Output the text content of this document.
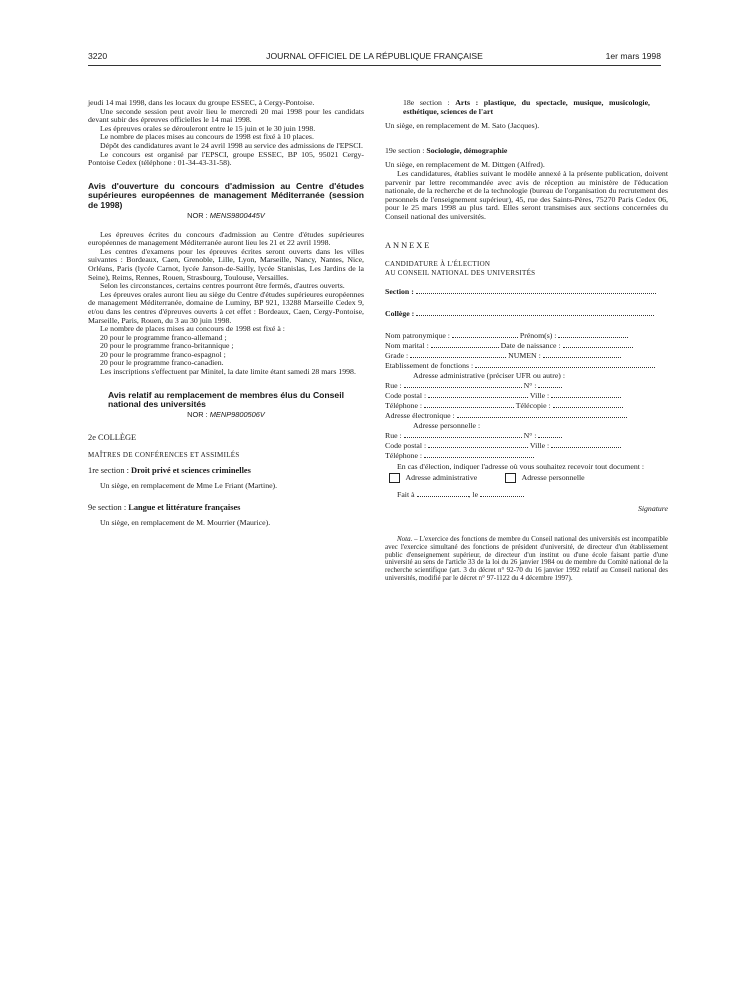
3220	JOURNAL OFFICIEL DE LA RÉPUBLIQUE FRANÇAISE	1er mars 1998

jeudi 14 mai 1998, dans les locaux du groupe ESSEC, à Cergy-Pontoise.

Une seconde session peut avoir lieu le mercredi 20 mai 1998 pour les candidats devant subir des épreuves officielles le 14 mai 1998.

Les épreuves orales se dérouleront entre le 15 juin et le 30 juin 1998.

Le nombre de places mises au concours de 1998 est fixé à 10 places.

Dépôt des candidatures avant le 24 avril 1998 au service des admissions de l'EPSCI.

Le concours est organisé par l'EPSCI, groupe ESSEC, BP 105, 95021 Cergy-Pontoise Cedex (téléphone : 01-34-43-31-58).

Avis d'ouverture du concours d'admission au Centre d'études supérieures européennes de management Méditerranée (session de 1998)

NOR : MENS9800445V

Les épreuves écrites du concours d'admission au Centre d'études supérieures européennes de management Méditerranée auront lieu les 21 et 22 avril 1998.

Les centres d'examens pour les épreuves écrites seront ouverts dans les villes suivantes : Bordeaux, Caen, Grenoble, Lille, Lyon, Marseille, Nancy, Nantes, Nice, Orléans, Paris (lycée Carnot, lycée Janson-de-Sailly, lycée Stanislas, Les Jardins de la Seine), Reims, Rennes, Rouen, Strasbourg, Toulouse, Versailles.

Selon les circonstances, certains centres pourront être fermés, d'autres ouverts.

Les épreuves orales auront lieu au siège du Centre d'études supérieures européennes de management Méditerranée, domaine de Luminy, BP 921, 13288 Marseille Cedex 9, et/ou dans les centres d'épreuves ouverts à cet effet : Bordeaux, Caen, Cergy-Pontoise, Marseille, Paris, Rouen, du 3 au 30 juin 1998.

Le nombre de places mises au concours de 1998 est fixé à :

20 pour le programme franco-allemand ;

20 pour le programme franco-britannique ;

20 pour le programme franco-espagnol ;

20 pour le programme franco-canadien.

Les inscriptions s'effectuent par Minitel, la date limite étant samedi 28 mars 1998.

Avis relatif au remplacement de membres élus du Conseil national des universités

NOR : MENP9800506V

2e COLLÈGE

MAÎTRES DE CONFÉRENCES ET ASSIMILÉS

1re section : Droit privé et sciences criminelles

Un siège, en remplacement de Mme Le Friant (Martine).

9e section : Langue et littérature françaises

Un siège, en remplacement de M. Mourrier (Maurice).

18e section : Arts : plastique, du spectacle, musique, musicologie, esthétique, sciences de l'art

Un siège, en remplacement de M. Sato (Jacques).

19e section : Sociologie, démographie

Un siège, en remplacement de M. Dittgen (Alfred).

Les candidatures, établies suivant le modèle annexé à la présente publication, doivent parvenir par lettre recommandée avec avis de réception au ministère de l'éducation nationale, de la recherche et de la technologie (bureau de l'organisation du recrutement des personnels de l'enseignement supérieur), 45, rue des Saints-Pères, 75270 Paris Cedex 06, pour le 25 mars 1998 au plus tard. Elles seront transmises aux sections concernées du Conseil national des universités.

ANNEXE

CANDIDATURE À L'ÉLECTION

AU CONSEIL NATIONAL DES UNIVERSITÉS

Section :
Collège :
Nom patronymique :	Prénom(s) :
Nom marital :	Date de naissance :
Grade :	NUMEN :
Etablissement de fonctions :
Adresse administrative (préciser UFR ou autre) :
Rue :	N° :
Code postal :	Ville :
Téléphone :	Télécopie :
Adresse électronique :
Adresse personnelle :
Rue :	N° :
Code postal :	Ville :
Téléphone :

En cas d'élection, indiquer l'adresse où vous souhaitez recevoir tout document :

Adresse administrative	Adresse personnelle
Fait à	, le
Signature

Nota. – L'exercice des fonctions de membre du Conseil national des universités est incompatible avec l'exercice simultané des fonctions de président d'université, de directeur d'un établissement public d'enseignement supérieur, de directeur d'un institut ou d'une école faisant partie d'une université au sens de l'article 33 de la loi du 26 janvier 1984 ou de membre du Comité national de la recherche scientifique (art. 3 du décret n° 92-70 du 16 janvier 1992 relatif au Conseil national des universités, modifié par le décret n° 97-1122 du 4 décembre 1997).
